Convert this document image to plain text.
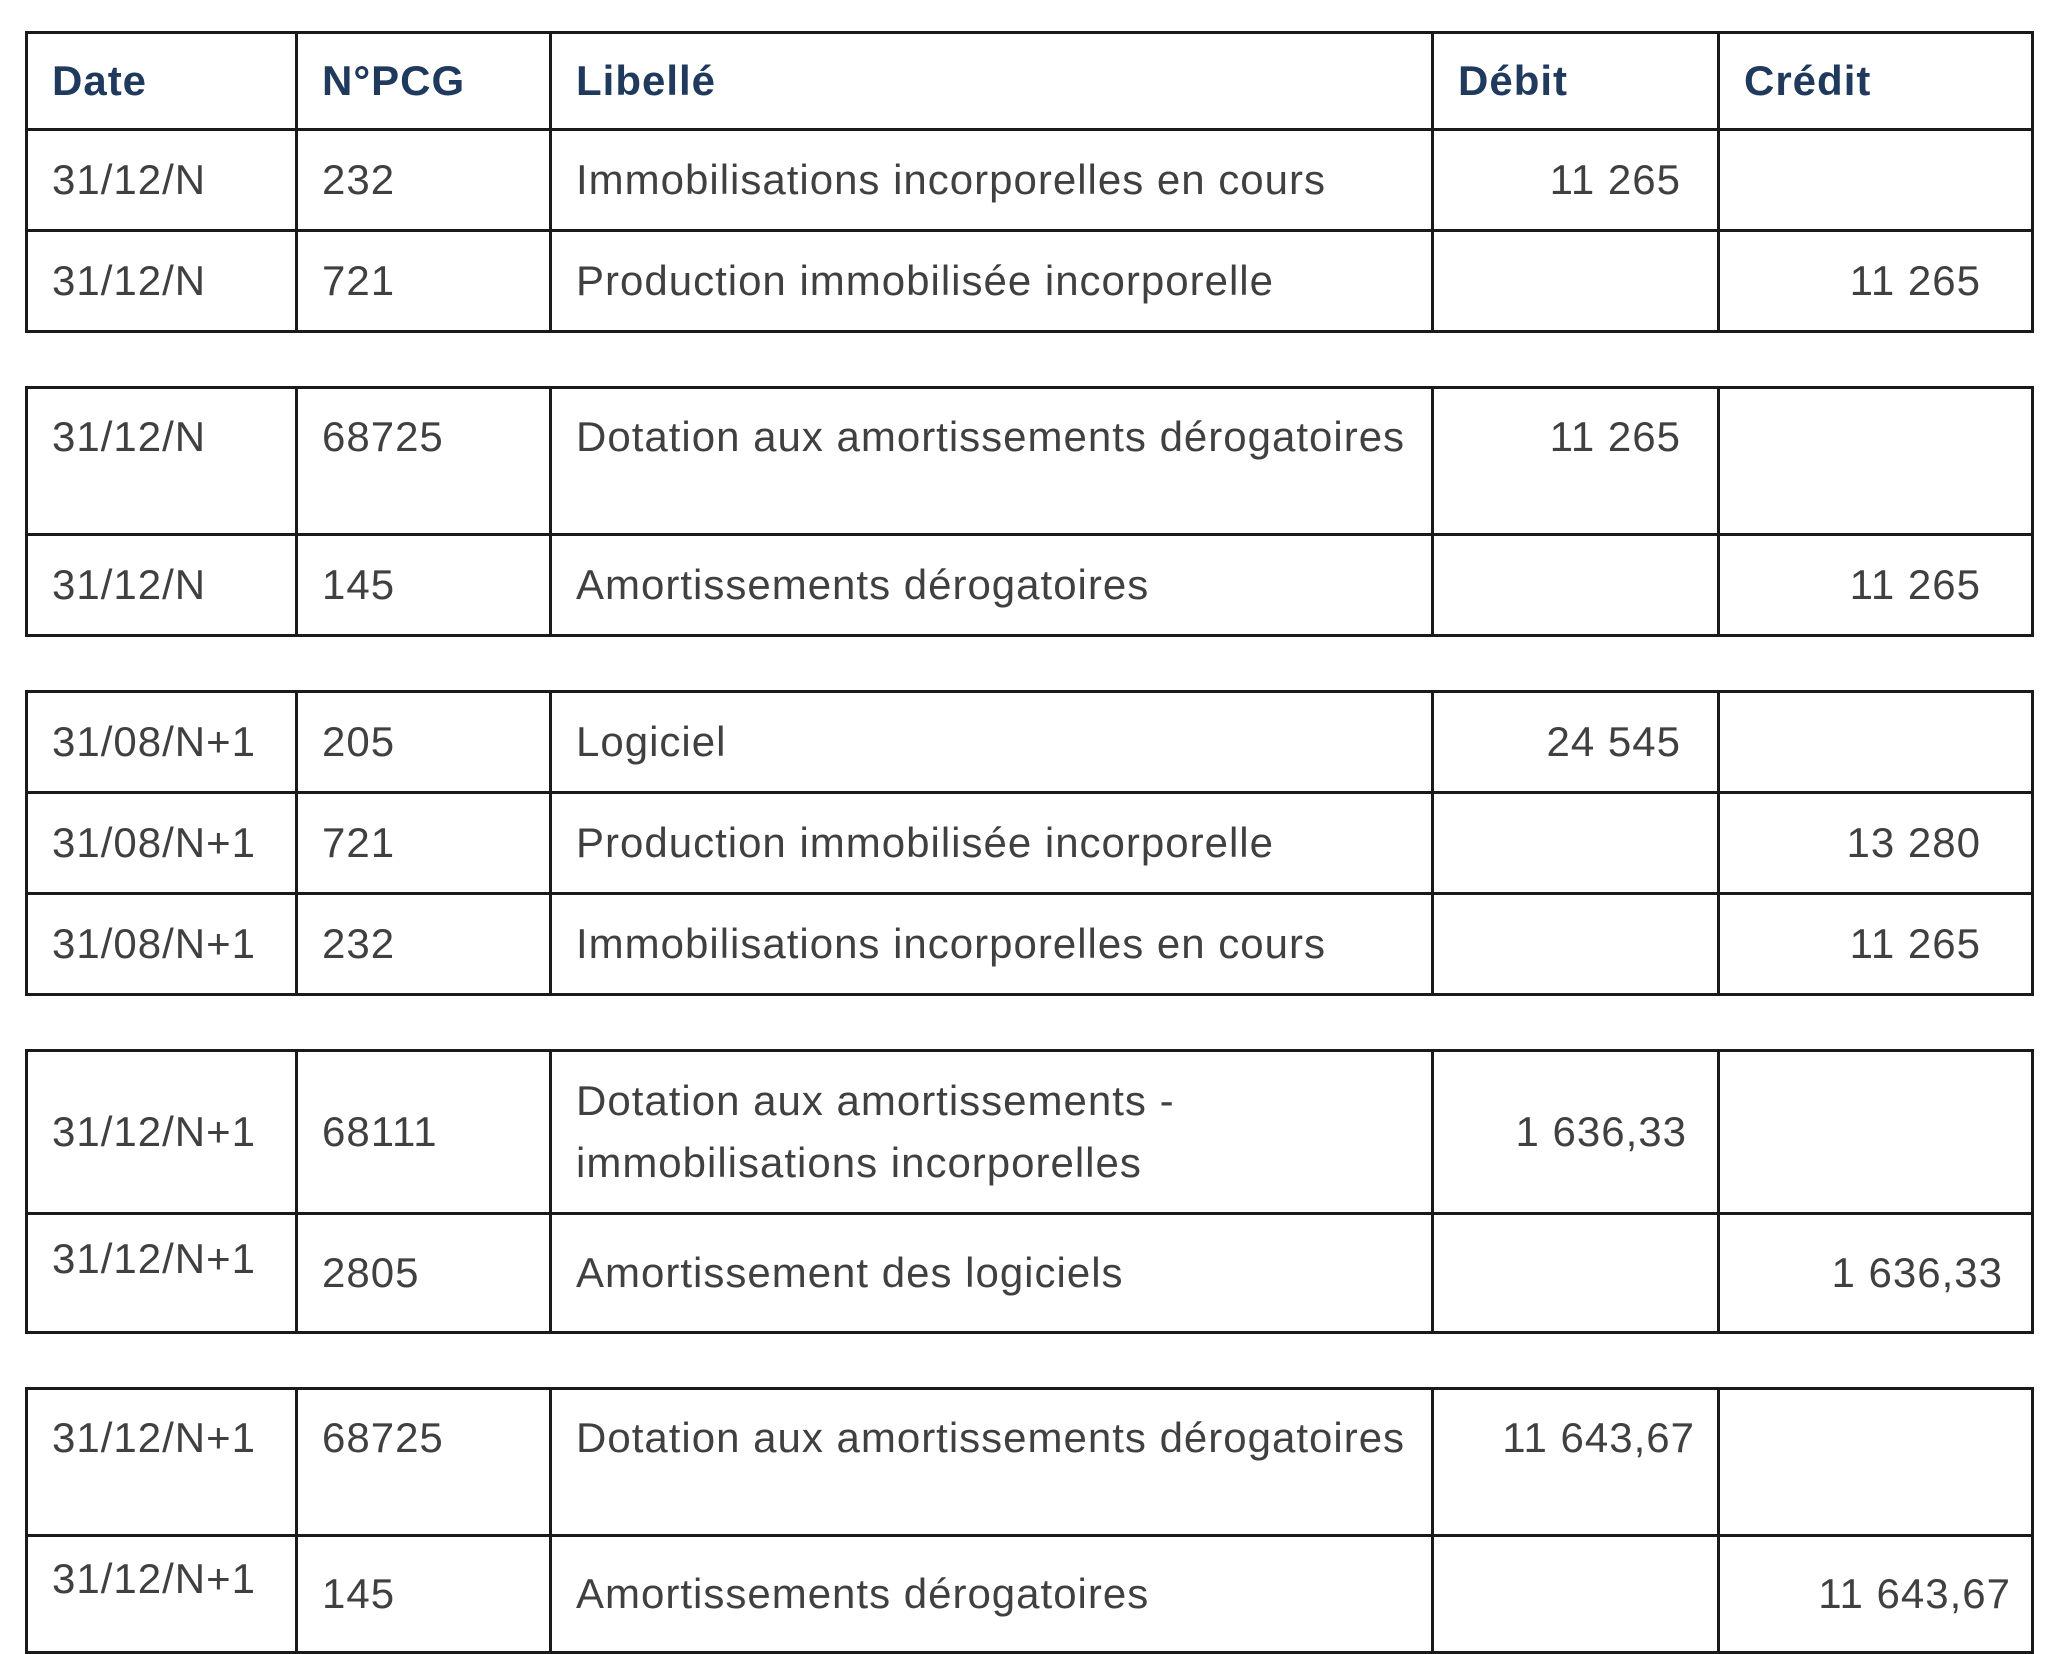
Date	N°PCG	Libellé	Débit	Crédit
31/12/N	232	Immobilisations incorporelles en cours	11 265	
31/12/N	721	Production immobilisée incorporelle		11 265
31/12/N	68725	Dotation aux amortissements dérogatoires	11 265	
31/12/N	145	Amortissements dérogatoires		11 265
31/08/N+1	205	Logiciel	24 545	
31/08/N+1	721	Production immobilisée incorporelle		13 280
31/08/N+1	232	Immobilisations incorporelles en cours		11 265
31/12/N+1	68111	Dotation aux amortissements - immobilisations incorporelles	1 636,33	
31/12/N+1	2805	Amortissement des logiciels		1 636,33
31/12/N+1	68725	Dotation aux amortissements dérogatoires	11 643,67	
31/12/N+1	145	Amortissements dérogatoires		11 643,67
